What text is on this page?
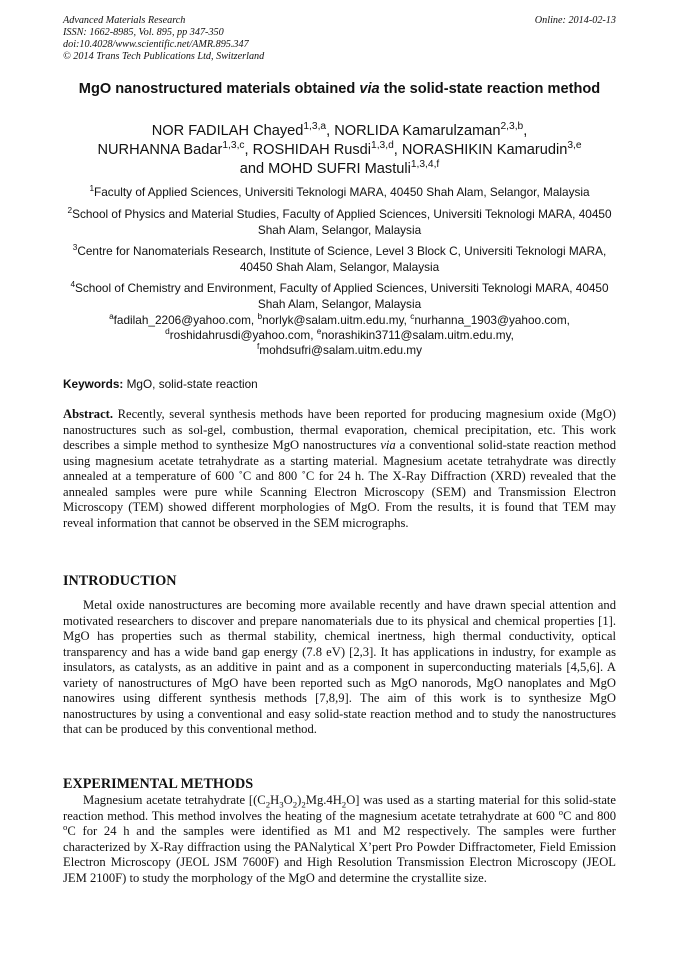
Advanced Materials Research
ISSN: 1662-8985, Vol. 895, pp 347-350
doi:10.4028/www.scientific.net/AMR.895.347
© 2014 Trans Tech Publications Ltd, Switzerland
Online: 2014-02-13
MgO nanostructured materials obtained via the solid-state reaction method
NOR FADILAH Chayed$^{1,3,a}$, NORLIDA Kamarulzaman$^{2,3,b}$,
NURHANNA Badar$^{1,3,c}$, ROSHIDAH Rusdi$^{1,3,d}$, NORASHIKIN Kamarudin$^{3,e}$
and MOHD SUFRI Mastuli$^{1,3,4,f}$
$^1$Faculty of Applied Sciences, Universiti Teknologi MARA, 40450 Shah Alam, Selangor, Malaysia
$^2$School of Physics and Material Studies, Faculty of Applied Sciences, Universiti Teknologi MARA, 40450 Shah Alam, Selangor, Malaysia
$^3$Centre for Nanomaterials Research, Institute of Science, Level 3 Block C, Universiti Teknologi MARA, 40450 Shah Alam, Selangor, Malaysia
$^4$School of Chemistry and Environment, Faculty of Applied Sciences, Universiti Teknologi MARA, 40450 Shah Alam, Selangor, Malaysia
$^a$fadilah_2206@yahoo.com, $^b$norlyk@salam.uitm.edu.my, $^c$nurhanna_1903@yahoo.com,
$^d$roshidahrusdi@yahoo.com, $^e$norashikin3711@salam.uitm.edu.my,
$^f$mohdsufri@salam.uitm.edu.my
Keywords: MgO, solid-state reaction
Abstract. Recently, several synthesis methods have been reported for producing magnesium oxide (MgO) nanostructures such as sol-gel, combustion, thermal evaporation, chemical precipitation, etc. This work describes a simple method to synthesize MgO nanostructures via a conventional solid-state reaction method using magnesium acetate tetrahydrate as a starting material. Magnesium acetate tetrahydrate was directly annealed at a temperature of 600 ˚C and 800 ˚C for 24 h. The X-Ray Diffraction (XRD) revealed that the annealed samples were pure while Scanning Electron Microscopy (SEM) and Transmission Electron Microscopy (TEM) showed different morphologies of MgO. From the results, it is found that TEM may reveal information that cannot be observed in the SEM micrographs.
INTRODUCTION
Metal oxide nanostructures are becoming more available recently and have drawn special attention and motivated researchers to discover and prepare nanomaterials due to its physical and chemical properties [1]. MgO has properties such as thermal stability, chemical inertness, high thermal conductivity, optical transparency and has a wide band gap energy (7.8 eV) [2,3]. It has applications in industry, for example as insulators, as catalysts, as an additive in paint and as a component in superconducting materials [4,5,6]. A variety of nanostructures of MgO have been reported such as MgO nanorods, MgO nanoplates and MgO nanowires using different synthesis methods [7,8,9]. The aim of this work is to synthesize MgO nanostructures by using a conventional and easy solid-state reaction method and to study the nanostructures that can be produced by this conventional method.
EXPERIMENTAL METHODS
Magnesium acetate tetrahydrate $[(C_2H_3O_2)_2Mg.4H_2O]$ was used as a starting material for this solid-state reaction method. This method involves the heating of the magnesium acetate tetrahydrate at 600 $^o$C and 800 $^o$C for 24 h and the samples were identified as M1 and M2 respectively. The samples were further characterized by X-Ray diffraction using the PANalytical X’pert Pro Powder Diffractometer, Field Emission Electron Microscopy (JEOL JSM 7600F) and High Resolution Transmission Electron Microscopy (JEOL JEM 2100F) to study the morphology of the MgO and determine the crystallite size.
